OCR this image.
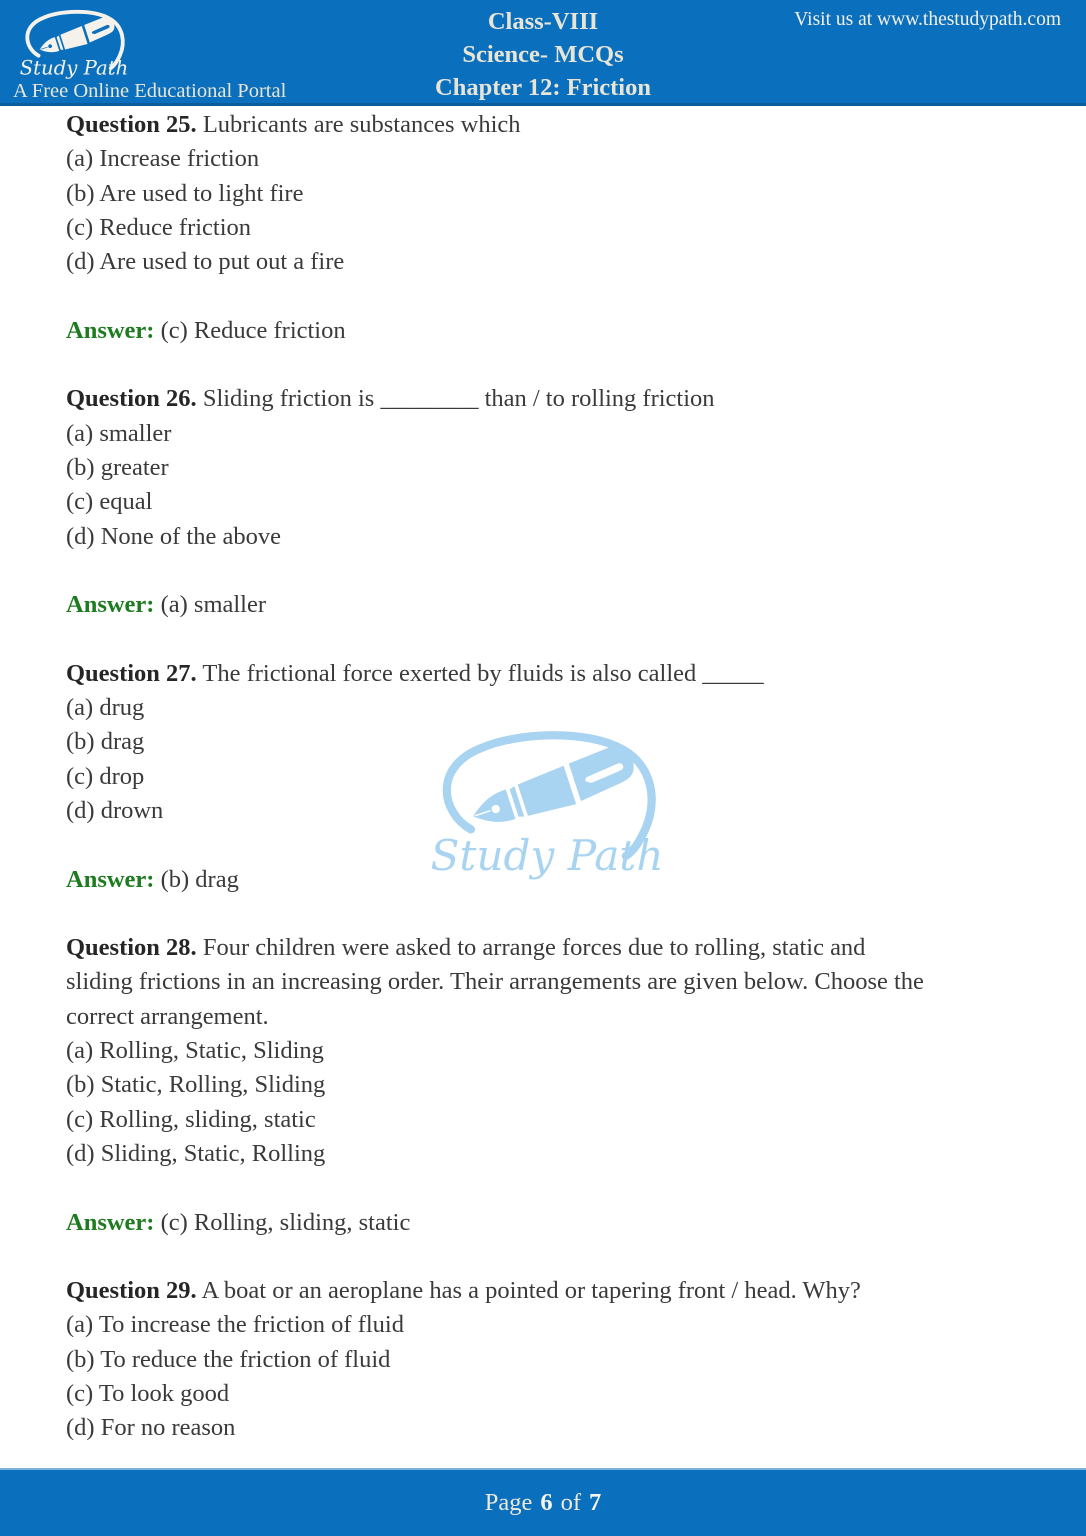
Study Path
A Free Online Educational Portal
Class-VIII
Science- MCQs
Chapter 12: Friction
Visit us at www.thestudypath.com
Study Path
Question 25. Lubricants are substances which
(a) Increase friction
(b) Are used to light fire
(c) Reduce friction
(d) Are used to put out a fire
Answer: (c) Reduce friction
Question 26. Sliding friction is ________ than / to rolling friction
(a) smaller
(b) greater
(c) equal
(d) None of the above
Answer: (a) smaller
Question 27. The frictional force exerted by fluids is also called _____
(a) drug
(b) drag
(c) drop
(d) drown
Answer: (b) drag
Question 28. Four children were asked to arrange forces due to rolling, static and
sliding frictions in an increasing order. Their arrangements are given below. Choose the
correct arrangement.
(a) Rolling, Static, Sliding
(b) Static, Rolling, Sliding
(c) Rolling, sliding, static
(d) Sliding, Static, Rolling
Answer: (c) Rolling, sliding, static
Question 29. A boat or an aeroplane has a pointed or tapering front / head. Why?
(a) To increase the friction of fluid
(b) To reduce the friction of fluid
(c) To look good
(d) For no reason
Page 6 of 7
